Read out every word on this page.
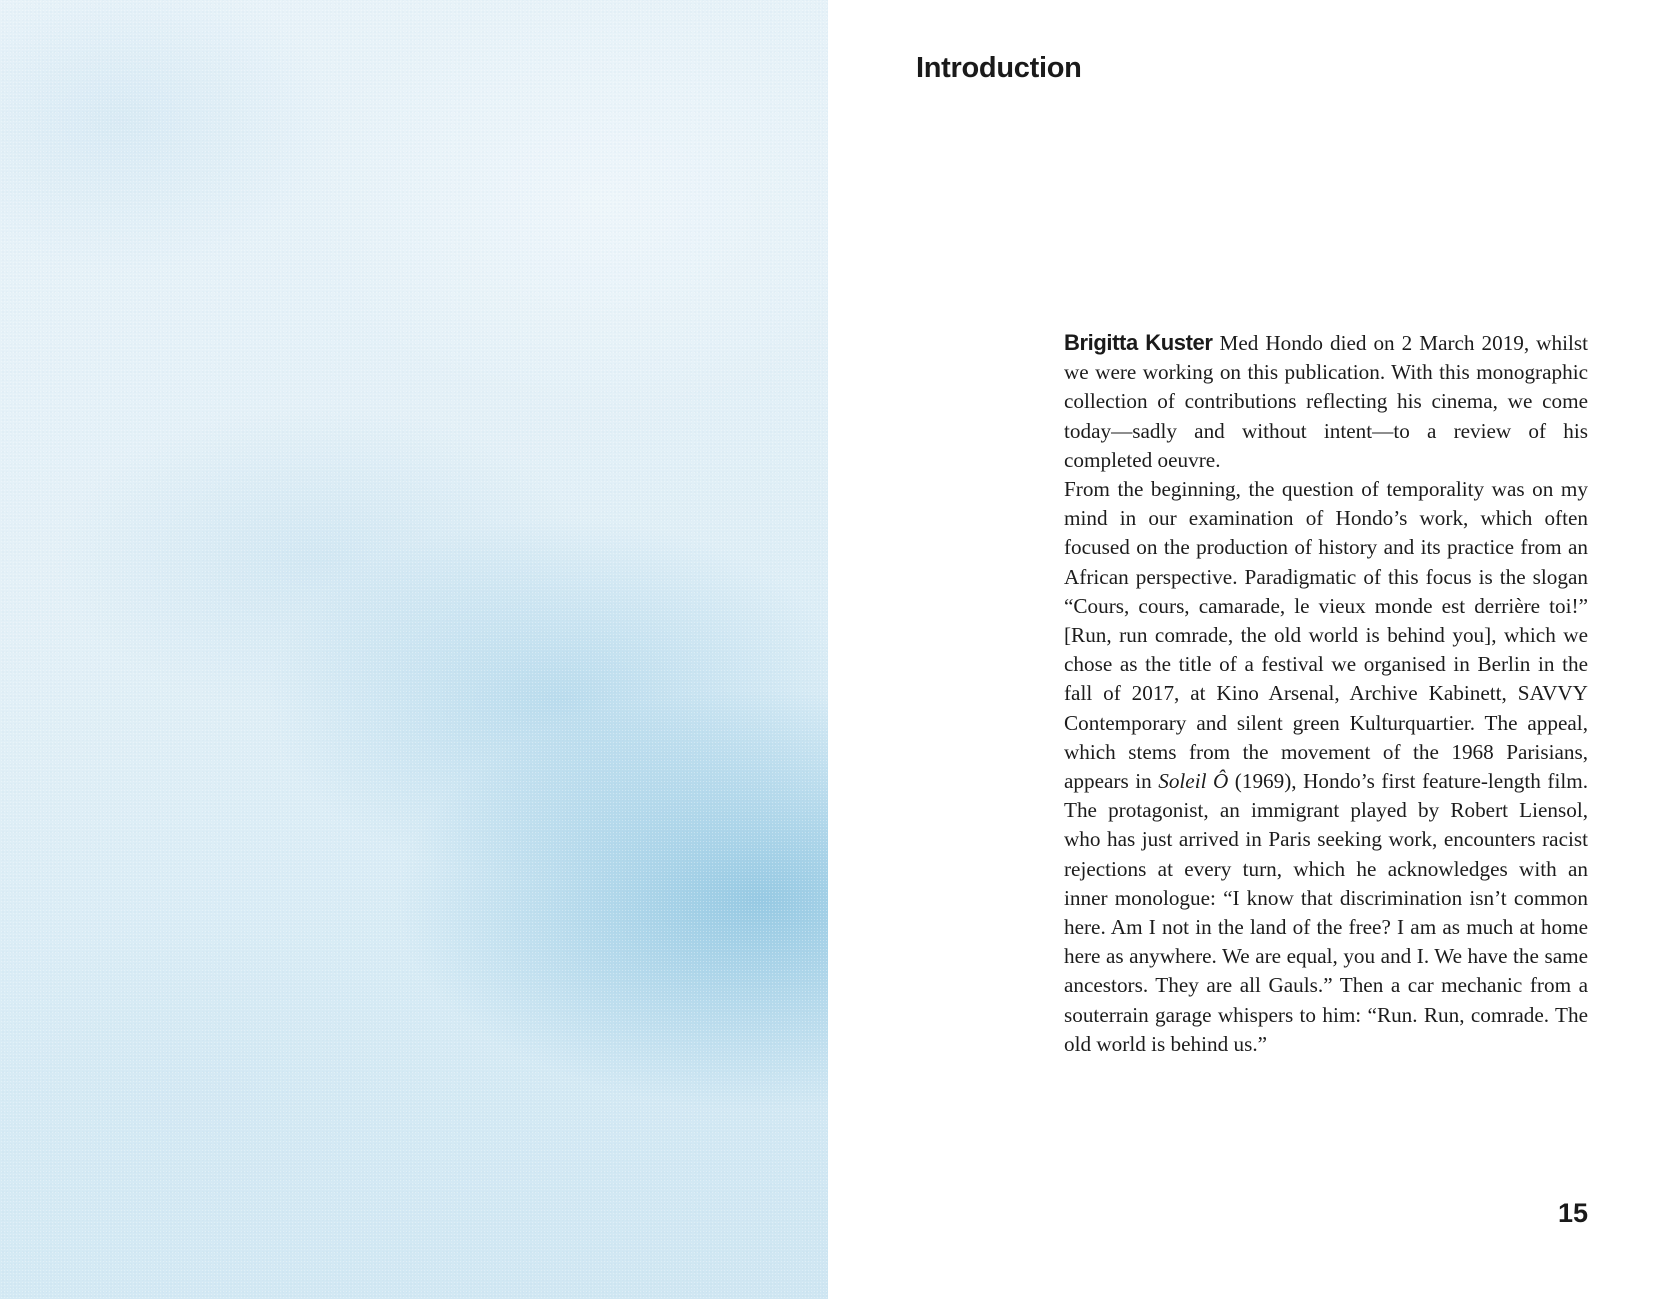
Introduction

Brigitta Kuster Med Hondo died on 2 March 2019, whilst we were working on this publication. With this monographic collection of contributions reflecting his cinema, we come today—sadly and without intent—to a review of his completed oeuvre.

From the beginning, the question of temporality was on my mind in our examination of Hondo’s work, which often focused on the production of history and its practice from an African perspective. Paradigmatic of this focus is the slogan “Cours, cours, camarade, le vieux monde est derrière toi!” [Run, run comrade, the old world is behind you], which we chose as the title of a festival we organised in Berlin in the fall of 2017, at Kino Arsenal, Archive Kabinett, SAVVY Contemporary and silent green Kulturquartier. The appeal, which stems from the movement of the 1968 Parisians, appears in Soleil Ô (1969), Hondo’s first feature-length film. The protagonist, an immigrant played by Robert Liensol, who has just arrived in Paris seeking work, encounters racist rejections at every turn, which he acknowledges with an inner monologue: “I know that discrimination isn’t common here. Am I not in the land of the free? I am as much at home here as anywhere. We are equal, you and I. We have the same ancestors. They are all Gauls.” Then a car mechanic from a souterrain garage whispers to him: “Run. Run, comrade. The old world is behind us.”

15
